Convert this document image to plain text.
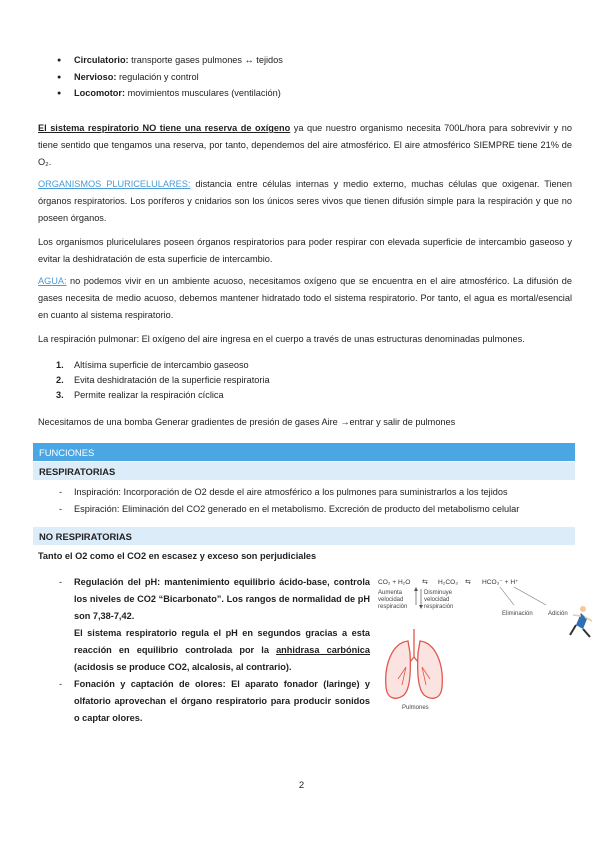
● Circulatorio: transporte gases pulmones ↔ tejidos
● Nervioso: regulación y control
● Locomotor: movimientos musculares (ventilación)
El sistema respiratorio NO tiene una reserva de oxígeno ya que nuestro organismo necesita 700L/hora para sobrevivir y no tiene sentido que tengamos una reserva, por tanto, dependemos del aire atmosférico. El aire atmosférico SIEMPRE tiene 21% de O₂.
ORGANISMOS PLURICELULARES: distancia entre células internas y medio externo, muchas células que oxigenar. Tienen órganos respiratorios. Los poríferos y cnidarios son los únicos seres vivos que tienen difusión simple para la respiración y que no poseen órganos.
Los organismos pluricelulares poseen órganos respiratorios para poder respirar con elevada superficie de intercambio gaseoso y evitar la deshidratación de esta superficie de intercambio.
AGUA: no podemos vivir en un ambiente acuoso, necesitamos oxígeno que se encuentra en el aire atmosférico. La difusión de gases necesita de medio acuoso, debemos mantener hidratado todo el sistema respiratorio. Por tanto, el agua es mortal/esencial en cuanto al sistema respiratorio.
La respiración pulmonar: El oxígeno del aire ingresa en el cuerpo a través de unas estructuras denominadas pulmones.
1. Altísima superficie de intercambio gaseoso
2. Evita deshidratación de la superficie respiratoria
3. Permite realizar la respiración cíclica
Necesitamos de una bomba Generar gradientes de presión de gases Aire →entrar y salir de pulmones
FUNCIONES
RESPIRATORIAS
- Inspiración: Incorporación de O2 desde el aire atmosférico a los pulmones para suministrarlos a los tejidos
- Espiración: Eliminación del CO2 generado en el metabolismo. Excreción de producto del metabolismo celular
NO RESPIRATORIAS
Tanto el O2 como el CO2 en escasez y exceso son perjudiciales
- Regulación del pH: mantenimiento equilibrio ácido-base, controla los niveles de CO2 “Bicarbonato”. Los rangos de normalidad de pH son 7,38-7,42.
El sistema respiratorio regula el pH en segundos gracias a esta reacción en equilibrio controlada por la anhidrasa carbónica (acidosis se produce CO2, alcalosis, al contrario).
- Fonación y captación de olores: El aparato fonador (laringe) y olfatorio aprovechan el órgano respiratorio para producir sonidos o captar olores.
CO₂ + H₂O ⇆ H₂CO₃ ⇆ HCO₃⁻ + H⁺
Aumenta
velocidad
respiración
Disminuye
velocidad
respiración
Eliminación	Adición
Pulmones
2
